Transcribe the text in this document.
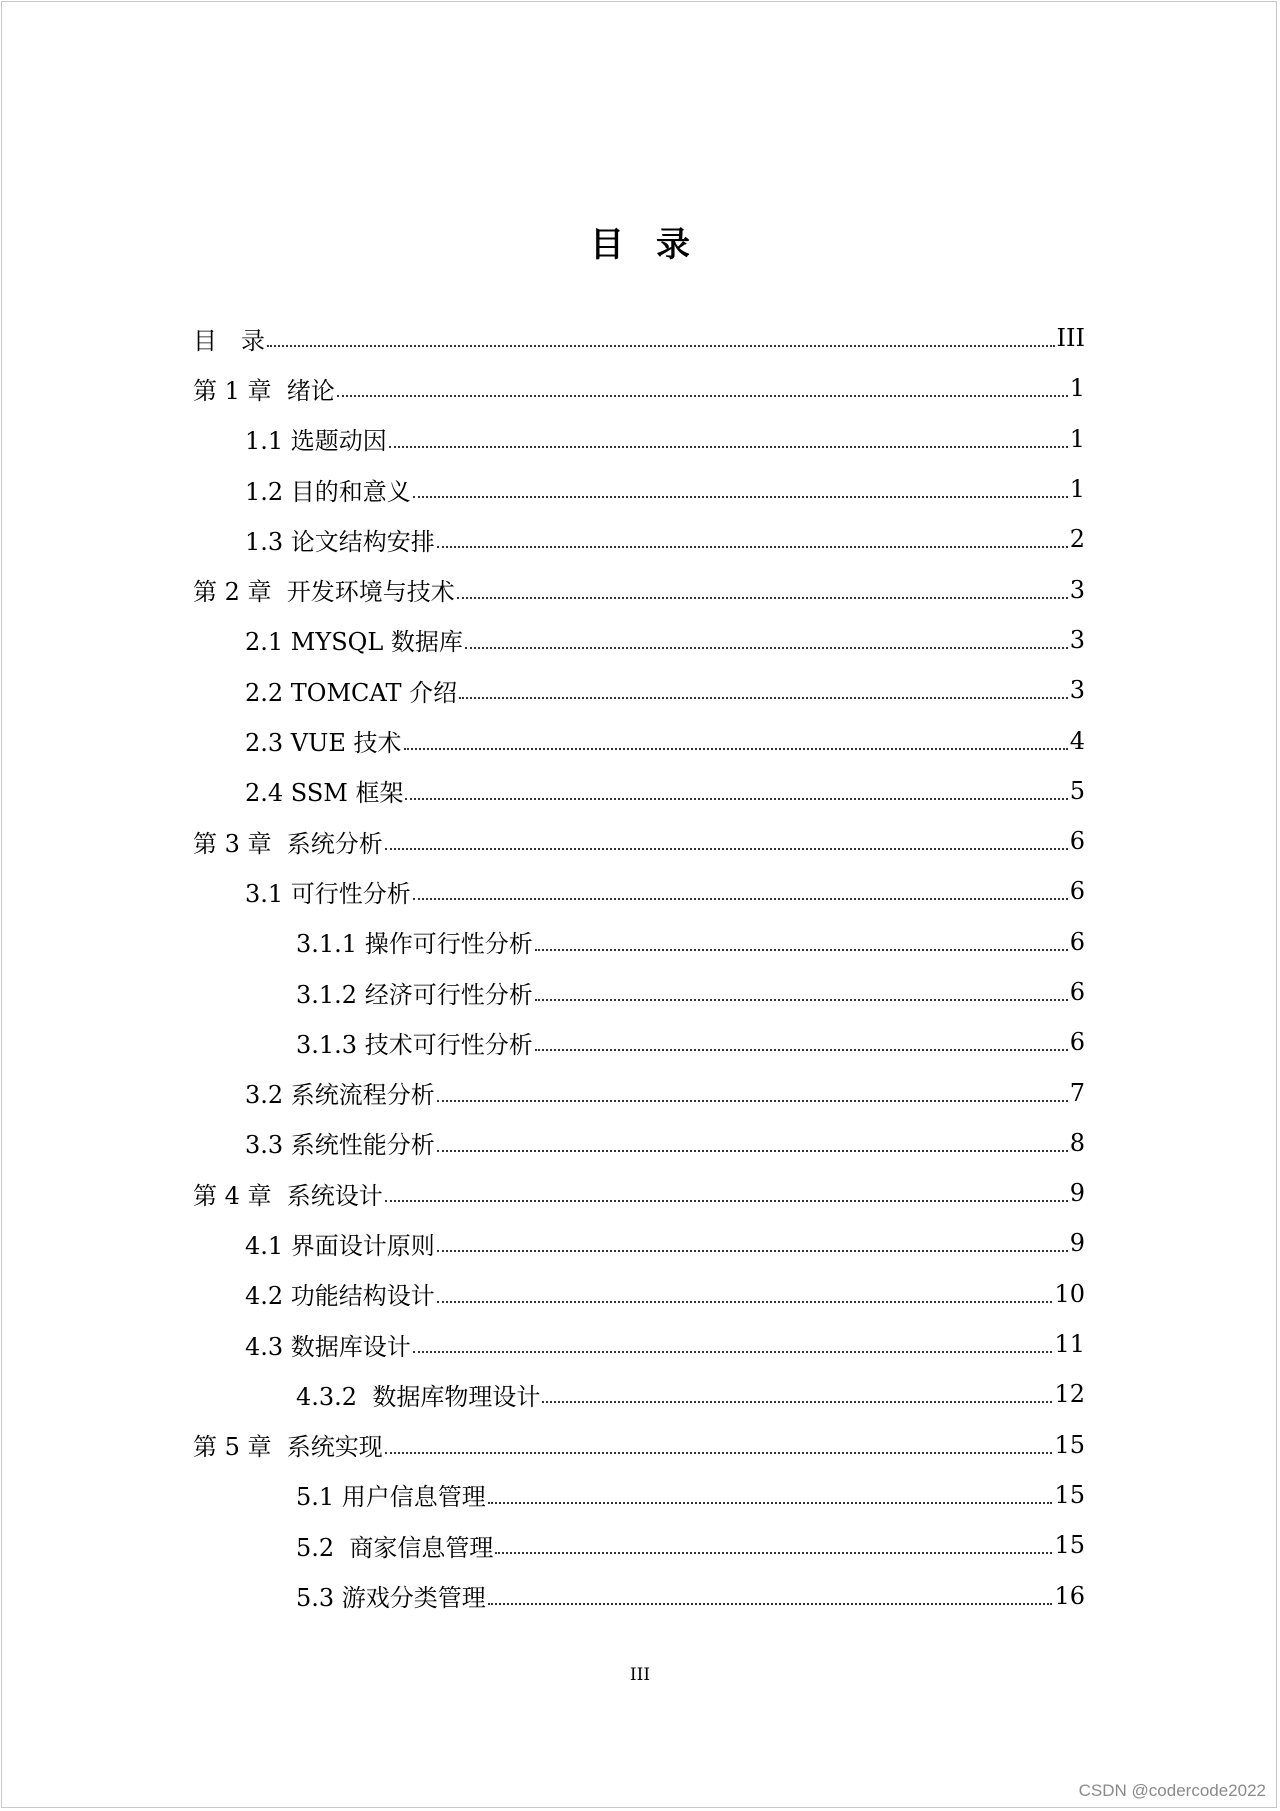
目录
目　录	III
第 1 章  绪论	1
1.1 选题动因	1
1.2 目的和意义	1
1.3 论文结构安排	2
第 2 章  开发环境与技术	3
2.1 MYSQL 数据库	3
2.2 TOMCAT 介绍	3
2.3 VUE 技术	4
2.4 SSM 框架	5
第 3 章  系统分析	6
3.1 可行性分析	6
3.1.1 操作可行性分析	6
3.1.2 经济可行性分析	6
3.1.3 技术可行性分析	6
3.2 系统流程分析	7
3.3 系统性能分析	8
第 4 章  系统设计	9
4.1 界面设计原则	9
4.2 功能结构设计	10
4.3 数据库设计	11
4.3.2  数据库物理设计	12
第 5 章  系统实现	15
5.1 用户信息管理	15
5.2  商家信息管理	15
5.3 游戏分类管理	16
III
CSDN @codercode2022
